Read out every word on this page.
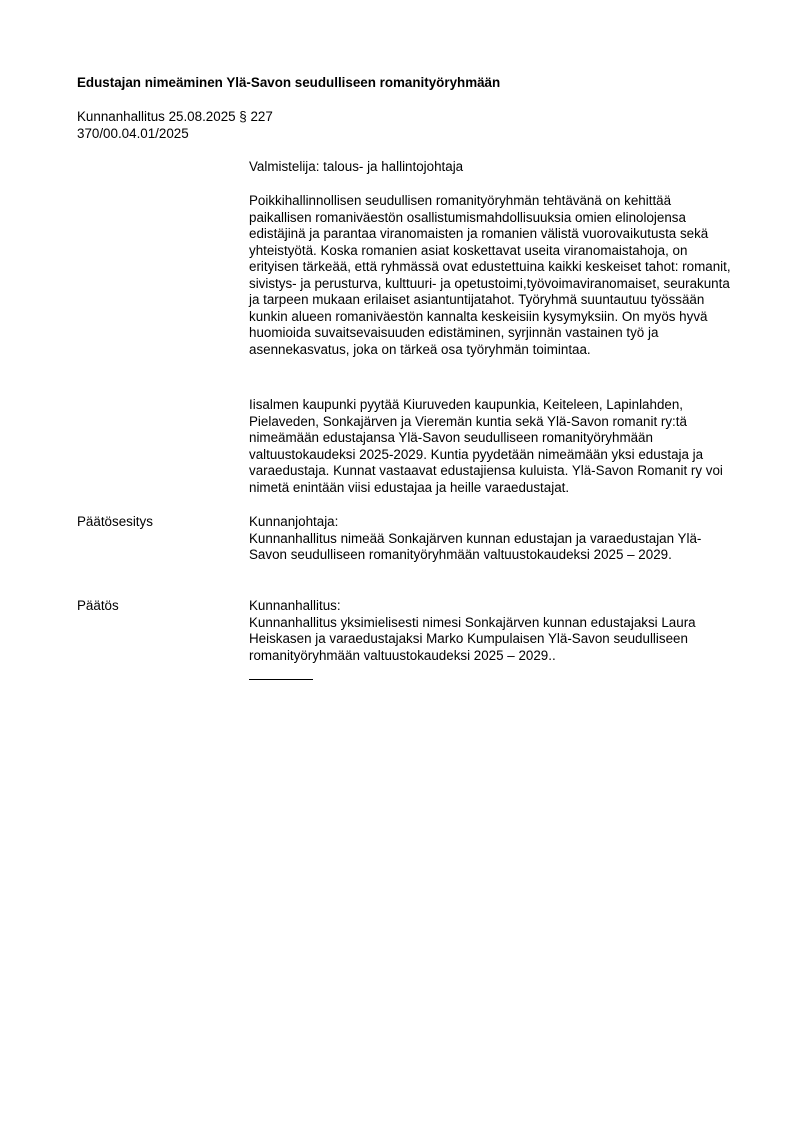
Edustajan nimeäminen Ylä-Savon seudulliseen romanityöryhmään
Kunnanhallitus 25.08.2025 § 227
370/00.04.01/2025

Valmistelija: talous- ja hallintojohtaja

Poikkihallinnollisen seudullisen romanityöryhmän tehtävänä on kehittää paikallisen romaniväestön osallistumismahdollisuuksia omien elinolojensa edistäjinä ja parantaa viranomaisten ja romanien välistä vuorovaikutusta sekä yhteistyötä. Koska romanien asiat koskettavat useita viranomaistahoja, on erityisen tärkeää, että ryhmässä ovat edustettuina kaikki keskeiset tahot: romanit, sivistys- ja perusturva, kulttuuri- ja opetustoimi,työvoimaviranomaiset, seurakunta ja tarpeen mukaan erilaiset asiantuntijatahot. Työryhmä suuntautuu työssään kunkin alueen romaniväestön kannalta keskeisiin kysymyksiin. On myös hyvä huomioida suvaitsevaisuuden edistäminen, syrjinnän vastainen työ ja asennekasvatus, joka on tärkeä osa työryhmän toimintaa.

Iisalmen kaupunki pyytää Kiuruveden kaupunkia, Keiteleen, Lapinlahden, Pielaveden, Sonkajärven ja Vieremän kuntia sekä Ylä-Savon romanit ry:tä nimeämään edustajansa Ylä-Savon seudulliseen romanityöryhmään valtuustokaudeksi 2025-2029. Kuntia pyydetään nimeämään yksi edustaja ja varaedustaja. Kunnat vastaavat edustajiensa kuluista. Ylä-Savon Romanit ry voi nimetä enintään viisi edustajaa ja heille varaedustajat.

Päätösesitys	Kunnanjohtaja:

Kunnanhallitus nimeää Sonkajärven kunnan edustajan ja varaedustajan Ylä-Savon seudulliseen romanityöryhmään valtuustokaudeksi 2025 – 2029.

Päätös	Kunnanhallitus:

Kunnanhallitus yksimielisesti nimesi Sonkajärven kunnan edustajaksi Laura Heiskasen ja varaedustajaksi Marko Kumpulaisen Ylä-Savon seudulliseen romanityöryhmään valtuustokaudeksi 2025 – 2029..
